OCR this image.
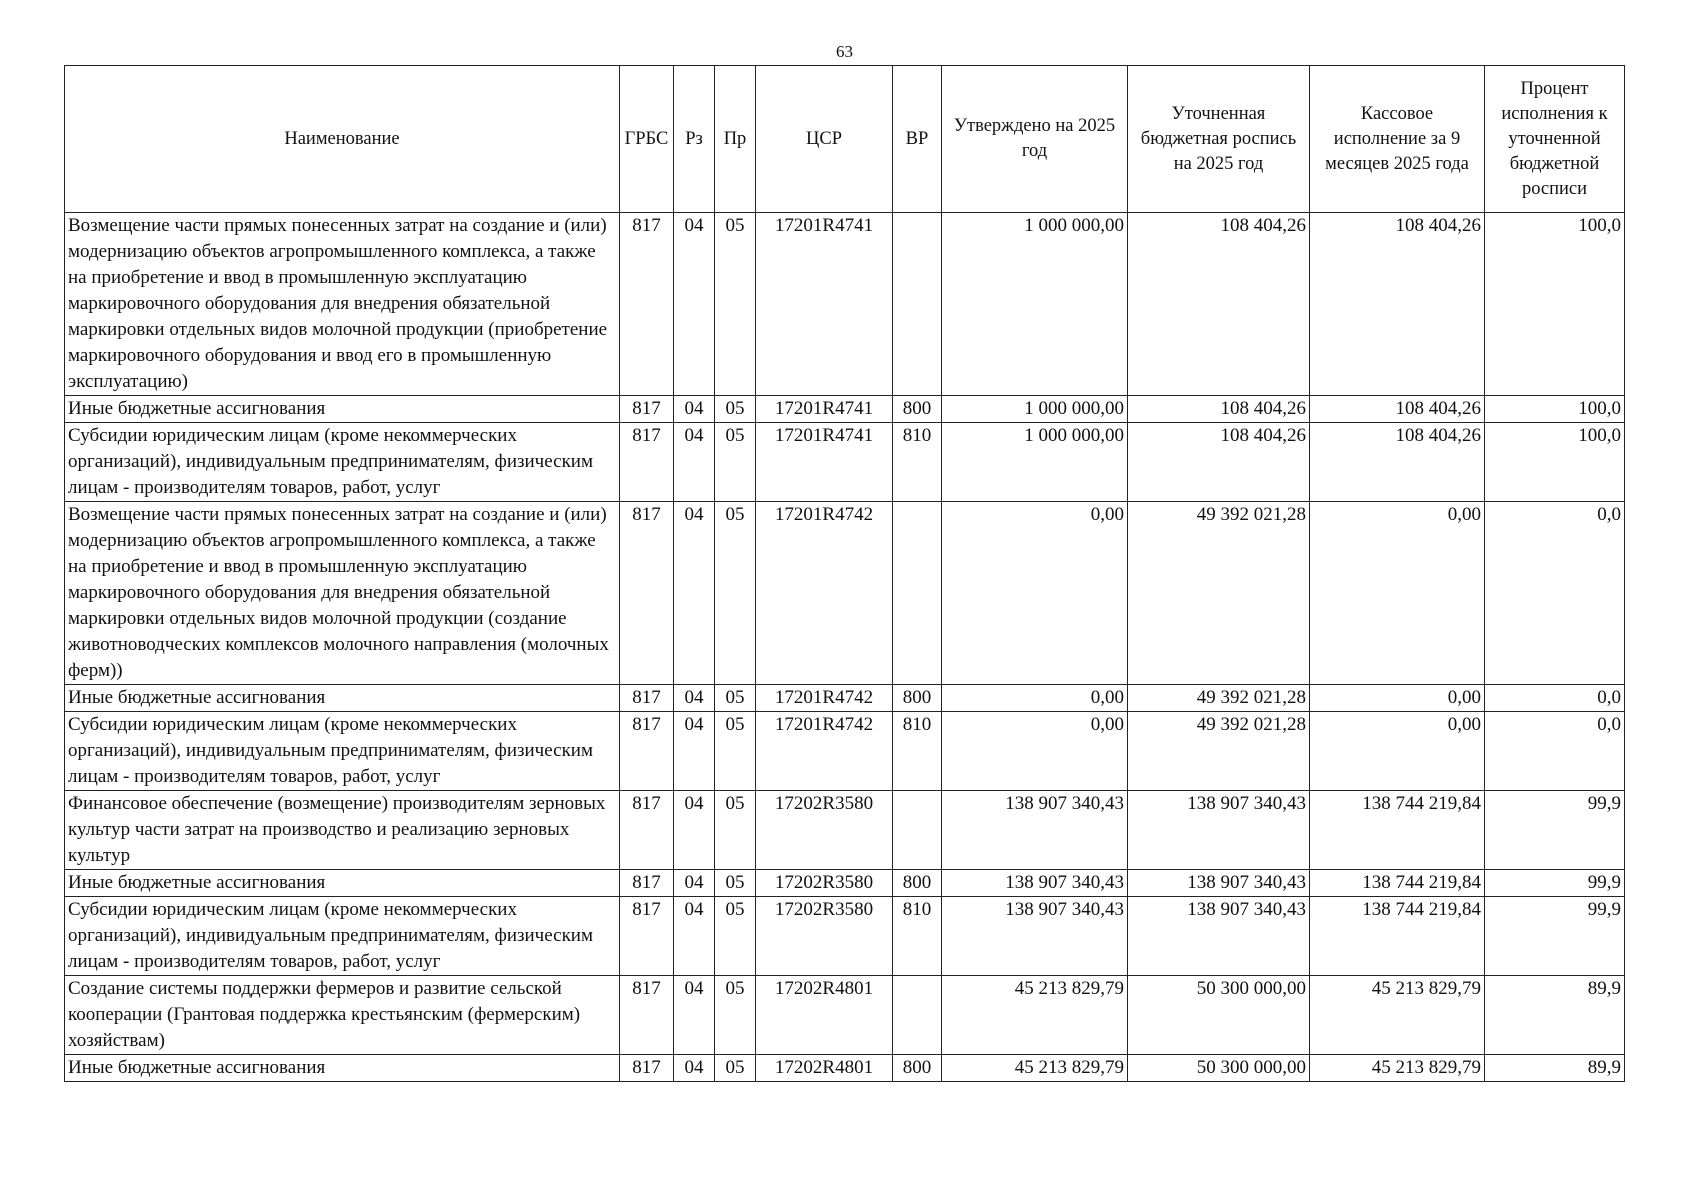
63
Наименование	ГРБС	Рз	Пр	ЦСР	ВР	Утверждено на 2025 год	Уточненная бюджетная роспись на 2025 год	Кассовое исполнение за 9 месяцев 2025 года	Процент исполнения к уточненной бюджетной росписи
Возмещение части прямых понесенных затрат на создание и (или) модернизацию объектов агропромышленного комплекса, а также на приобретение и ввод в промышленную эксплуатацию маркировочного оборудования для внедрения обязательной маркировки отдельных видов молочной продукции (приобретение маркировочного оборудования и ввод его в промышленную эксплуатацию)	817	04	05	17201R4741		1 000 000,00	108 404,26	108 404,26	100,0
Иные бюджетные ассигнования	817	04	05	17201R4741	800	1 000 000,00	108 404,26	108 404,26	100,0
Субсидии юридическим лицам (кроме некоммерческих организаций), индивидуальным предпринимателям, физическим лицам - производителям товаров, работ, услуг	817	04	05	17201R4741	810	1 000 000,00	108 404,26	108 404,26	100,0
Возмещение части прямых понесенных затрат на создание и (или) модернизацию объектов агропромышленного комплекса, а также на приобретение и ввод в промышленную эксплуатацию маркировочного оборудования для внедрения обязательной маркировки отдельных видов молочной продукции (создание животноводческих комплексов молочного направления (молочных ферм))	817	04	05	17201R4742		0,00	49 392 021,28	0,00	0,0
Иные бюджетные ассигнования	817	04	05	17201R4742	800	0,00	49 392 021,28	0,00	0,0
Субсидии юридическим лицам (кроме некоммерческих организаций), индивидуальным предпринимателям, физическим лицам - производителям товаров, работ, услуг	817	04	05	17201R4742	810	0,00	49 392 021,28	0,00	0,0
Финансовое обеспечение (возмещение) производителям зерновых культур части затрат на производство и реализацию зерновых культур	817	04	05	17202R3580		138 907 340,43	138 907 340,43	138 744 219,84	99,9
Иные бюджетные ассигнования	817	04	05	17202R3580	800	138 907 340,43	138 907 340,43	138 744 219,84	99,9
Субсидии юридическим лицам (кроме некоммерческих организаций), индивидуальным предпринимателям, физическим лицам - производителям товаров, работ, услуг	817	04	05	17202R3580	810	138 907 340,43	138 907 340,43	138 744 219,84	99,9
Создание системы поддержки фермеров и развитие сельской кооперации (Грантовая поддержка крестьянским (фермерским) хозяйствам)	817	04	05	17202R4801		45 213 829,79	50 300 000,00	45 213 829,79	89,9
Иные бюджетные ассигнования	817	04	05	17202R4801	800	45 213 829,79	50 300 000,00	45 213 829,79	89,9
